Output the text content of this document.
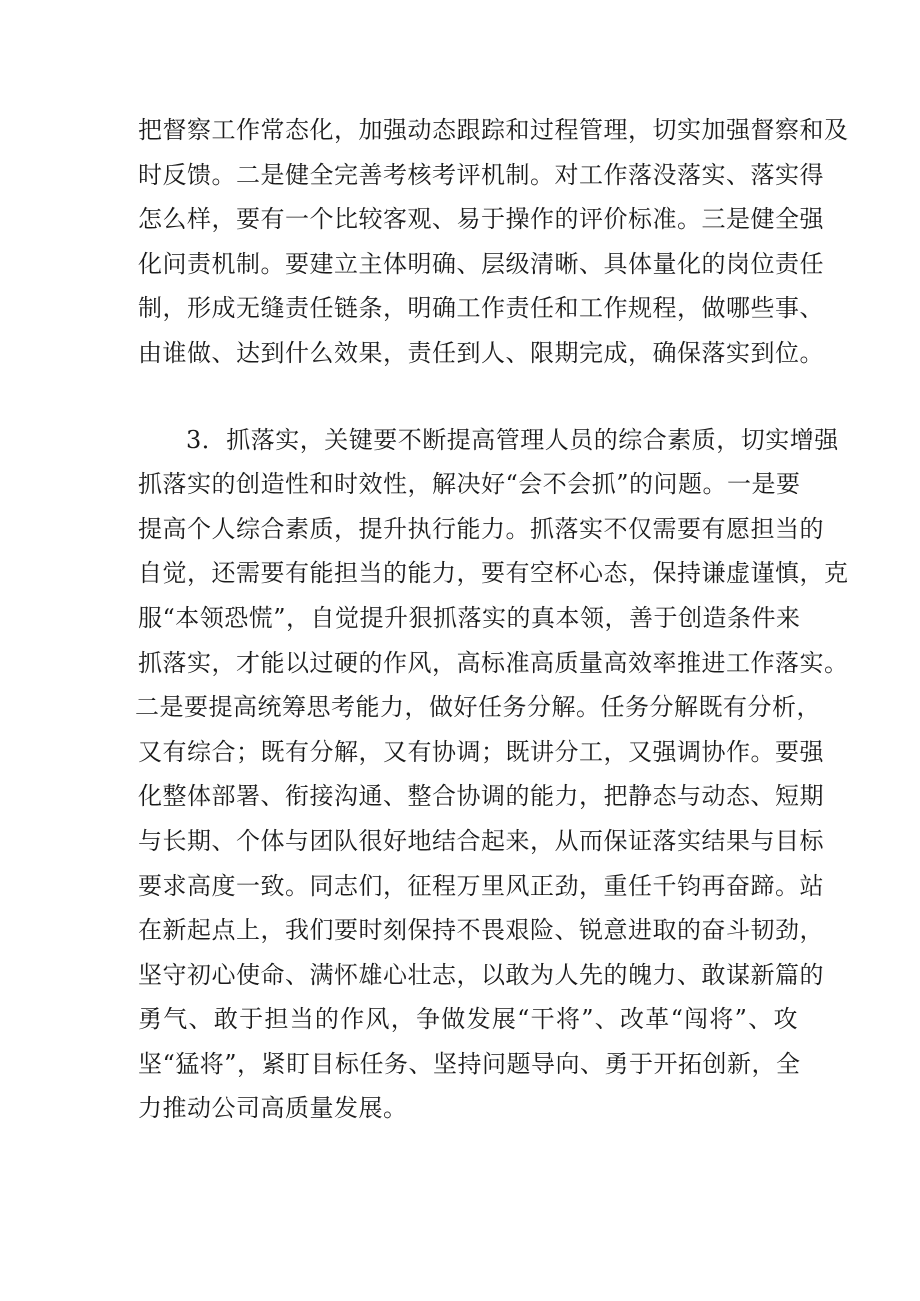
把督察工作常态化，加强动态跟踪和过程管理，切实加强督察和及
时反馈。二是健全完善考核考评机制。对工作落没落实、落实得
怎么样，要有一个比较客观、易于操作的评价标准。三是健全强
化问责机制。要建立主体明确、层级清晰、具体量化的岗位责任
制，形成无缝责任链条，明确工作责任和工作规程，做哪些事、
由谁做、达到什么效果，责任到人、限期完成，确保落实到位。
3．抓落实，关键要不断提高管理人员的综合素质，切实增强
抓落实的创造性和时效性，解决好“会不会抓”的问题。一是要
提高个人综合素质，提升执行能力。抓落实不仅需要有愿担当的
自觉，还需要有能担当的能力，要有空杯心态，保持谦虚谨慎，克
服“本领恐慌”，自觉提升狠抓落实的真本领，善于创造条件来
抓落实，才能以过硬的作风，高标准高质量高效率推进工作落实。
二是要提高统筹思考能力，做好任务分解。任务分解既有分析，
又有综合；既有分解，又有协调；既讲分工，又强调协作。要强
化整体部署、衔接沟通、整合协调的能力，把静态与动态、短期
与长期、个体与团队很好地结合起来，从而保证落实结果与目标
要求高度一致。同志们，征程万里风正劲，重任千钧再奋蹄。站
在新起点上，我们要时刻保持不畏艰险、锐意进取的奋斗韧劲，
坚守初心使命、满怀雄心壮志，以敢为人先的魄力、敢谋新篇的
勇气、敢于担当的作风，争做发展“干将”、改革“闯将”、攻
坚“猛将”，紧盯目标任务、坚持问题导向、勇于开拓创新，全
力推动公司高质量发展。
